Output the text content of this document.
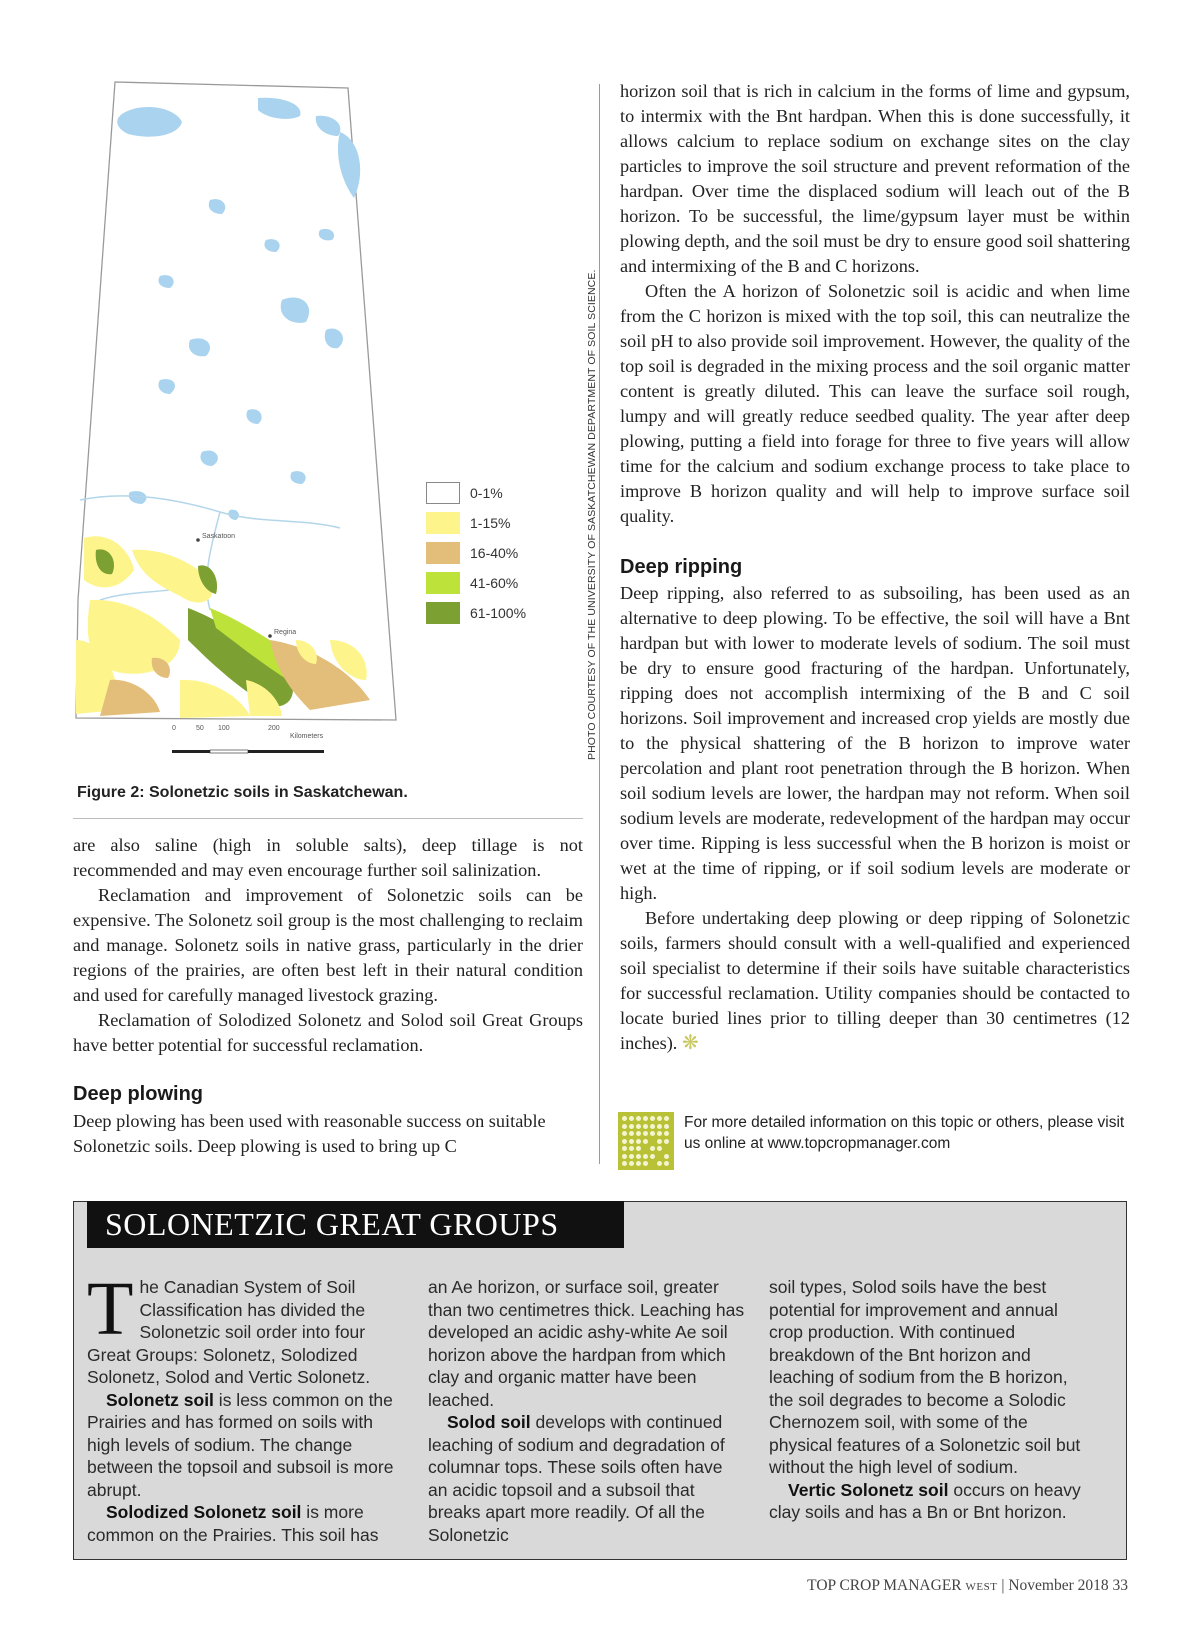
Saskatoon
Regina
0	50 100	200
Kilometers
0-1%
1-15%
16-40%
41-60%
61-100%	PHOTO COURTESY OF THE UNIVERSITY OF SASKATCHEWAN DEPARTMENT OF SOIL SCIENCE.
Figure 2: Solonetzic soils in Saskatchewan.

are also saline (high in soluble salts), deep tillage is not recommended and may even encourage further soil salinization.

Reclamation and improvement of Solonetzic soils can be expensive. The Solonetz soil group is the most challenging to reclaim and manage. Solonetz soils in native grass, particularly in the drier regions of the prairies, are often best left in their natural condition and used for carefully managed livestock grazing.

Reclamation of Solodized Solonetz and Solod soil Great Groups have better potential for successful reclamation.

Deep plowing

Deep plowing has been used with reasonable success on suitable Solonetzic soils. Deep plowing is used to bring up C

horizon soil that is rich in calcium in the forms of lime and gypsum, to intermix with the Bnt hardpan. When this is done successfully, it allows calcium to replace sodium on exchange sites on the clay particles to improve the soil structure and prevent reformation of the hardpan. Over time the displaced sodium will leach out of the B horizon. To be successful, the lime/gypsum layer must be within plowing depth, and the soil must be dry to ensure good soil shattering and intermixing of the B and C horizons.

Often the A horizon of Solonetzic soil is acidic and when lime from the C horizon is mixed with the top soil, this can neutralize the soil pH to also provide soil improvement. However, the quality of the top soil is degraded in the mixing process and the soil organic matter content is greatly diluted. This can leave the surface soil rough, lumpy and will greatly reduce seedbed quality. The year after deep plowing, putting a field into forage for three to five years will allow time for the calcium and sodium exchange process to take place to improve B horizon quality and will help to improve surface soil quality.

Deep ripping

Deep ripping, also referred to as subsoiling, has been used as an alternative to deep plowing. To be effective, the soil will have a Bnt hardpan but with lower to moderate levels of sodium. The soil must be dry to ensure good fracturing of the hardpan. Unfortunately, ripping does not accomplish intermixing of the B and C soil horizons. Soil improvement and increased crop yields are mostly due to the physical shattering of the B horizon to improve water percolation and plant root penetration through the B horizon. When soil sodium levels are lower, the hardpan may not reform. When soil sodium levels are moderate, redevelopment of the hardpan may occur over time. Ripping is less successful when the B horizon is moist or wet at the time of ripping, or if soil sodium levels are moderate or high.

Before undertaking deep plowing or deep ripping of Solonetzic soils, farmers should consult with a well-qualified and experienced soil specialist to determine if their soils have suitable characteristics for successful reclamation. Utility companies should be contacted to locate buried lines prior to tilling deeper than 30 centimetres (12 inches). ❋

For more detailed information on this topic or others, please visit us online at www.topcropmanager.com
SOLONETZIC GREAT GROUPS

The Canadian System of Soil Classification has divided the Solonetzic soil order into four Great Groups: Solonetz, Solodized Solonetz, Solod and Vertic Solonetz.

Solonetz soil is less common on the Prairies and has formed on soils with high levels of sodium. The change between the topsoil and subsoil is more abrupt.

Solodized Solonetz soil is more common on the Prairies. This soil has

an Ae horizon, or surface soil, greater than two centimetres thick. Leaching has developed an acidic ashy-white Ae soil horizon above the hardpan from which clay and organic matter have been leached.

Solod soil develops with continued leaching of sodium and degradation of columnar tops. These soils often have an acidic topsoil and a subsoil that breaks apart more readily. Of all the Solonetzic

soil types, Solod soils have the best potential for improvement and annual crop production. With continued breakdown of the Bnt horizon and leaching of sodium from the B horizon, the soil degrades to become a Solodic Chernozem soil, with some of the physical features of a Solonetzic soil but without the high level of sodium.

Vertic Solonetz soil occurs on heavy clay soils and has a Bn or Bnt horizon.

TOP CROP MANAGER WEST | November 2018 33
